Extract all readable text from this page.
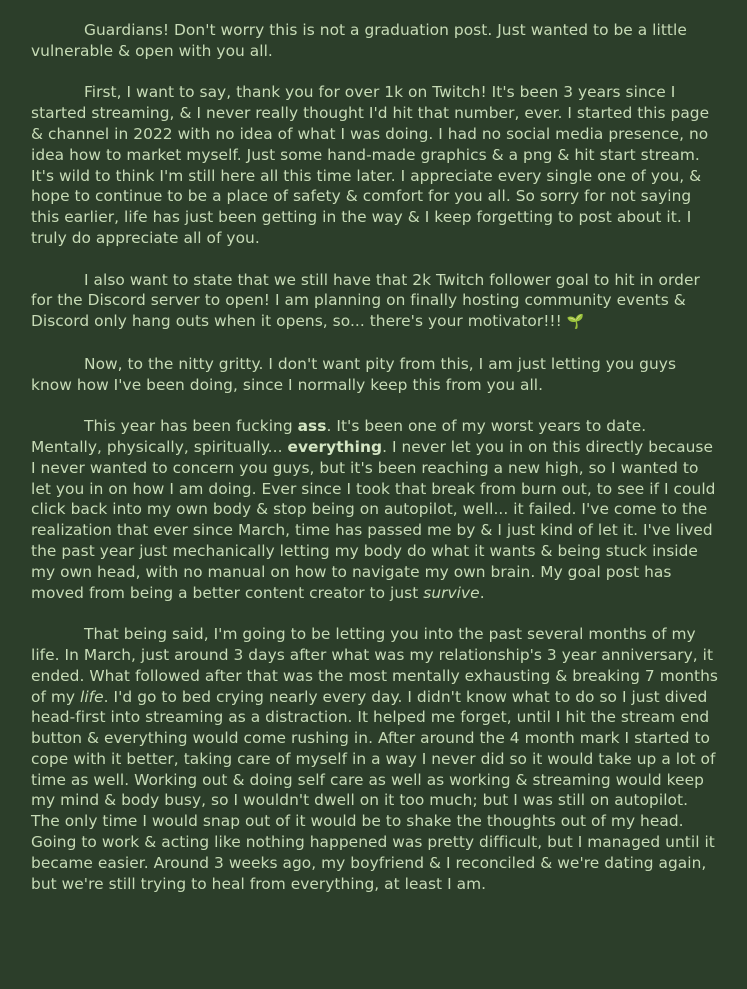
Guardians! Don't worry this is not a graduation post. Just wanted to be a little vulnerable & open with you all.

First, I want to say, thank you for over 1k on Twitch! It's been 3 years since I started streaming, & I never really thought I'd hit that number, ever. I started this page & channel in 2022 with no idea of what I was doing. I had no social media presence, no idea how to market myself. Just some hand-made graphics & a png & hit start stream. It's wild to think I'm still here all this time later. I appreciate every single one of you, & hope to continue to be a place of safety & comfort for you all. So sorry for not saying this earlier, life has just been getting in the way & I keep forgetting to post about it. I truly do appreciate all of you.

I also want to state that we still have that 2k Twitch follower goal to hit in order for the Discord server to open! I am planning on finally hosting community events & Discord only hang outs when it opens, so... there's your motivator!!! 🌱

Now, to the nitty gritty. I don't want pity from this, I am just letting you guys know how I've been doing, since I normally keep this from you all.

This year has been fucking ass. It's been one of my worst years to date. Mentally, physically, spiritually... everything. I never let you in on this directly because I never wanted to concern you guys, but it's been reaching a new high, so I wanted to let you in on how I am doing. Ever since I took that break from burn out, to see if I could click back into my own body & stop being on autopilot, well... it failed. I've come to the realization that ever since March, time has passed me by & I just kind of let it. I've lived the past year just mechanically letting my body do what it wants & being stuck inside my own head, with no manual on how to navigate my own brain. My goal post has moved from being a better content creator to just survive.

That being said, I'm going to be letting you into the past several months of my life. In March, just around 3 days after what was my relationship's 3 year anniversary, it ended. What followed after that was the most mentally exhausting & breaking 7 months of my life. I'd go to bed crying nearly every day. I didn't know what to do so I just dived head-first into streaming as a distraction. It helped me forget, until I hit the stream end button & everything would come rushing in. After around the 4 month mark I started to cope with it better, taking care of myself in a way I never did so it would take up a lot of time as well. Working out & doing self care as well as working & streaming would keep my mind & body busy, so I wouldn't dwell on it too much; but I was still on autopilot. The only time I would snap out of it would be to shake the thoughts out of my head. Going to work & acting like nothing happened was pretty difficult, but I managed until it became easier. Around 3 weeks ago, my boyfriend & I reconciled & we're dating again, but we're still trying to heal from everything, at least I am.
